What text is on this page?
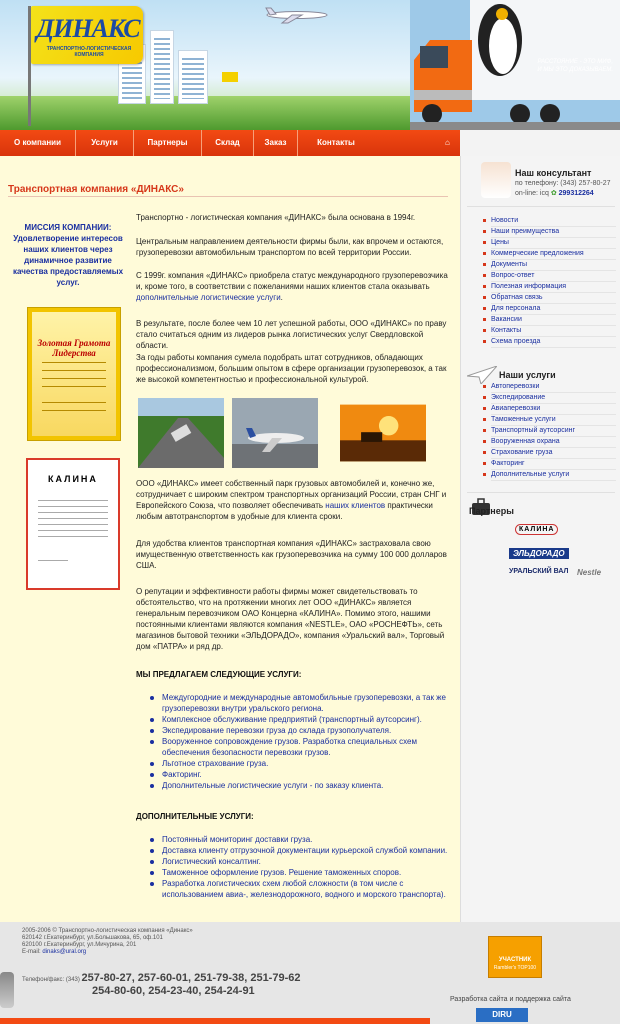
ДИНАКС
ТРАНСПОРТНО-ЛОГИСТИЧЕСКАЯ КОМПАНИЯ
РАССТОЯНИЕ - ЭТО МИФ,
И МЫ ЭТО ДОКАЗЫВАЕМ.
О компании	Услуги	Партнеры	Склад	Заказ	Контакты	⌂
Транспортная компания «ДИНАКС»
МИССИЯ КОМПАНИИ:
Удовлетворение интересов наших клиентов через динамичное развитие качества предоставляемых услуг.
Золотая Грамота Лидерства
КАЛИНА
Транспортно - логистическая компания «ДИНАКС» была основана в 1994г.
Центральным направлением деятельности фирмы были, как впрочем и остаются, грузоперевозки автомобильным транспортом по всей территории России.
С 1999г. компания «ДИНАКС» приобрела статус международного грузоперевозчика и, кроме того, в соответствии с пожеланиями наших клиентов стала оказывать дополнительные логистические услуги.
В результате, после более чем 10 лет успешной работы, ООО «ДИНАКС» по праву стало считаться одним из лидеров рынка логистических услуг Свердловской области.
За годы работы компания сумела подобрать штат сотрудников, обладающих профессионализмом, большим опытом в сфере организации грузоперевозок, а так же высокой компетентностью и профессиональной культурой.
ООО «ДИНАКС» имеет собственный парк грузовых автомобилей и, конечно же, сотрудничает с широким спектром транспортных организаций России, стран СНГ и Европейского Союза, что позволяет обеспечивать наших клиентов практически любым автотранспортом в удобные для клиента сроки.
Для удобства клиентов транспортная компания «ДИНАКС» застраховала свою имущественную ответственность как грузоперевозчика на сумму 100 000 долларов США.
О репутации и эффективности работы фирмы может свидетельствовать то обстоятельство, что на протяжении многих лет ООО «ДИНАКС» является генеральным перевозчиком ОАО Концерна «КАЛИНА». Помимо этого, нашими постоянными клиентами являются компания «NESTLE», ОАО «РОСНЕФТЬ», сеть магазинов бытовой техники «ЭЛЬДОРАДО», компания «Уральский вал», Торговый дом «ПАТРА» и ряд др.
МЫ ПРЕДЛАГАЕМ СЛЕДУЮЩИЕ УСЛУГИ:
Междугородние и международные автомобильные грузоперевозки, а так же грузоперевозки внутри уральского региона.
Комплексное обслуживание предприятий (транспортный аутсорсинг).
Экспедирование перевозки груза до склада грузополучателя.
Вооруженное сопровождение грузов. Разработка специальных схем обеспечения безопасности перевозки грузов.
Льготное страхование груза.
Факторинг.
Дополнительные логистические услуги - по заказу клиента.
ДОПОЛНИТЕЛЬНЫЕ УСЛУГИ:
Постоянный мониторинг доставки груза.
Доставка клиенту отгрузочной документации курьерской службой компании.
Логистический консалтинг.
Таможенное оформление грузов. Решение таможенных споров.
Разработка логистических схем любой сложности (в том числе с использованием авиа-, железнодорожного, водного и морского транспорта).
Наш консультант
по телефону: (343) 257-80-27
on-line: icq ✿ 299312264
Новости
Наши преимущества
Цены
Коммерческие предложения
Документы
Вопрос-ответ
Полезная информация
Обратная связь
Для персонала
Вакансии
Контакты
Схема проезда
Наши услуги
Автоперевозки
Экспедирование
Авиаперевозки
Таможенные услуги
Транспортный аутсорсинг
Вооруженная охрана
Страхование груза
Факторинг
Дополнительные услуги
Партнеры
КАЛИНА
ЭЛЬДОРАДО
УРАЛЬСКИЙ ВАЛ Nestle
2005-2006 © Транспортно-логистическая компания «Динакс»
620142 г.Екатеринбург, ул.Большакова, 65, оф.101
620100 г.Екатеринбург, ул.Мичурина, 201
E-mail: dinaks@ural.org
Телефон/факс: (343) 257-80-27, 257-60-01, 251-79-38, 251-79-62
254-80-60, 254-23-40, 254-24-91
УЧАСТНИК
Rambler's TOP100
Разработка сайта и поддержка сайта
DIRU
